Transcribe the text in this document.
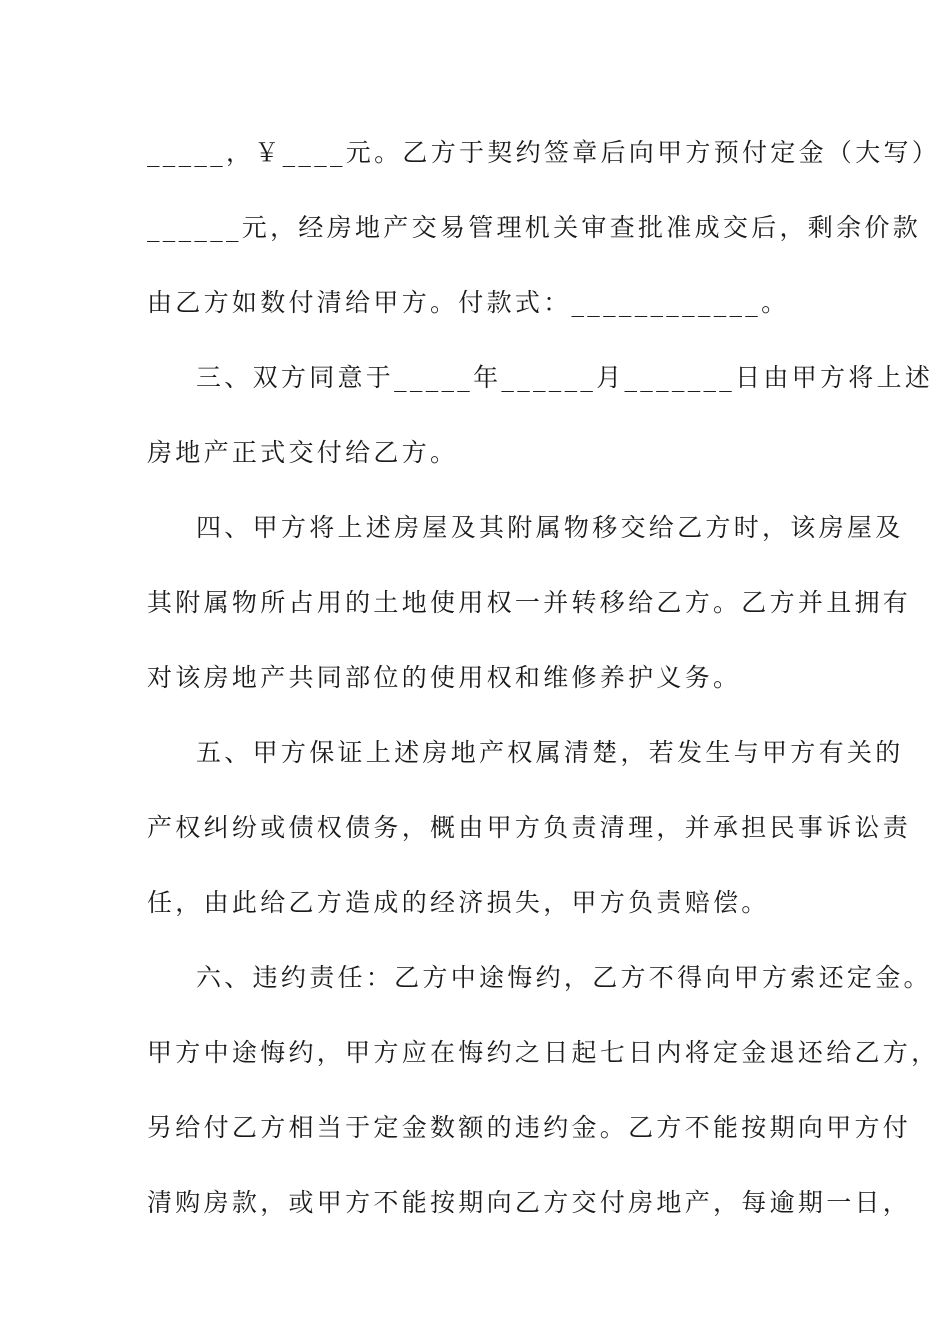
_____，￥____元。乙方于契约签章后向甲方预付定金（大写）
______元，经房地产交易管理机关审查批准成交后，剩余价款
由乙方如数付清给甲方。付款式：____________。
三、双方同意于_____年______月_______日由甲方将上述
房地产正式交付给乙方。
四、甲方将上述房屋及其附属物移交给乙方时，该房屋及
其附属物所占用的土地使用权一并转移给乙方。乙方并且拥有
对该房地产共同部位的使用权和维修养护义务。
五、甲方保证上述房地产权属清楚，若发生与甲方有关的
产权纠纷或债权债务，概由甲方负责清理，并承担民事诉讼责
任，由此给乙方造成的经济损失，甲方负责赔偿。
六、违约责任：乙方中途悔约，乙方不得向甲方索还定金。
甲方中途悔约，甲方应在悔约之日起七日内将定金退还给乙方，
另给付乙方相当于定金数额的违约金。乙方不能按期向甲方付
清购房款，或甲方不能按期向乙方交付房地产，每逾期一日，
